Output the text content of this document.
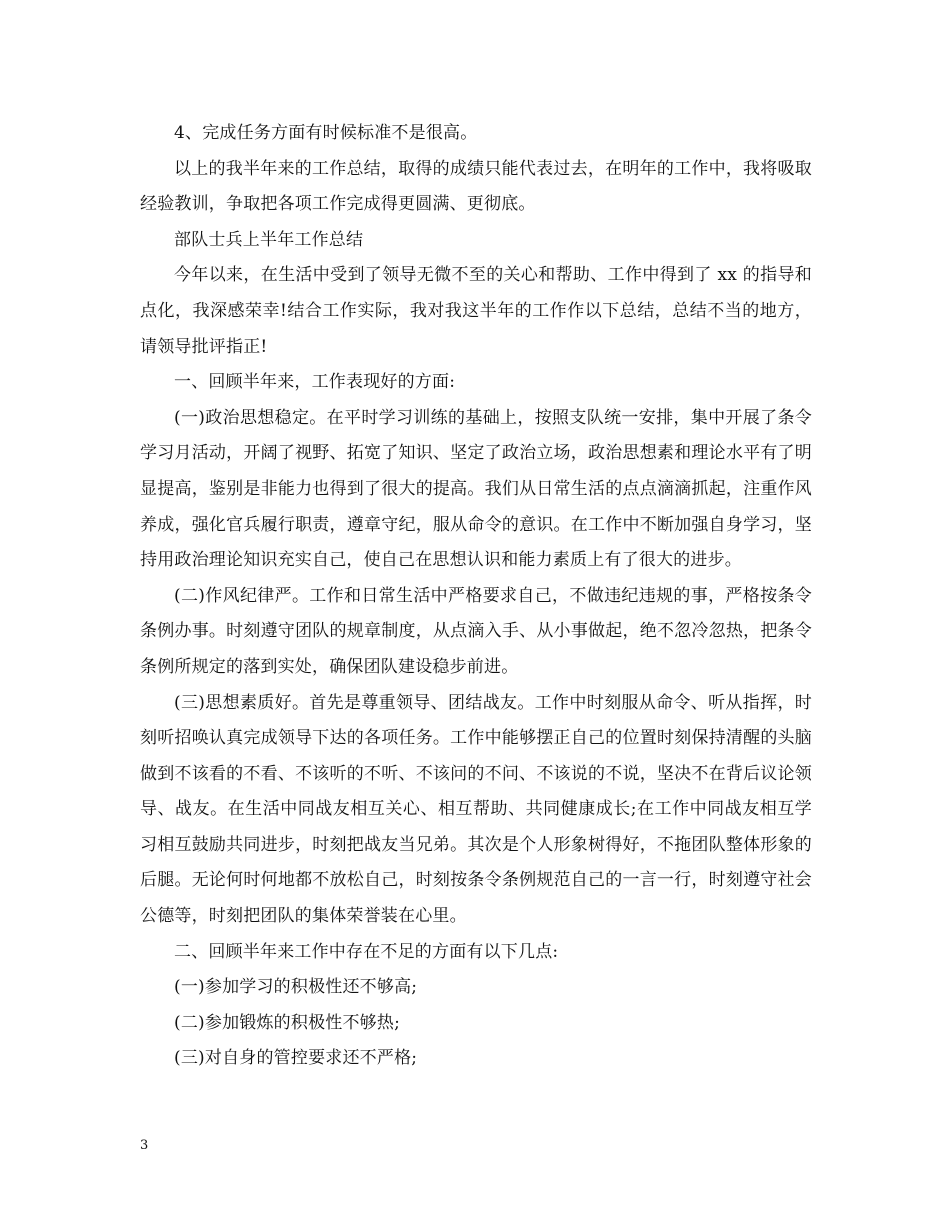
4、完成任务方面有时候标准不是很高。

以上的我半年来的工作总结，取得的成绩只能代表过去，在明年的工作中，我将吸取经验教训，争取把各项工作完成得更圆满、更彻底。

部队士兵上半年工作总结

今年以来，在生活中受到了领导无微不至的关心和帮助、工作中得到了 xx 的指导和点化，我深感荣幸!结合工作实际，我对我这半年的工作作以下总结，总结不当的地方，请领导批评指正!

一、回顾半年来，工作表现好的方面:

(一)政治思想稳定。在平时学习训练的基础上，按照支队统一安排，集中开展了条令学习月活动，开阔了视野、拓宽了知识、坚定了政治立场，政治思想素和理论水平有了明显提高，鉴别是非能力也得到了很大的提高。我们从日常生活的点点滴滴抓起，注重作风养成，强化官兵履行职责，遵章守纪，服从命令的意识。在工作中不断加强自身学习，坚持用政治理论知识充实自己，使自己在思想认识和能力素质上有了很大的进步。

(二)作风纪律严。工作和日常生活中严格要求自己，不做违纪违规的事，严格按条令条例办事。时刻遵守团队的规章制度，从点滴入手、从小事做起，绝不忽冷忽热，把条令条例所规定的落到实处，确保团队建设稳步前进。

(三)思想素质好。首先是尊重领导、团结战友。工作中时刻服从命令、听从指挥，时刻听招唤认真完成领导下达的各项任务。工作中能够摆正自己的位置时刻保持清醒的头脑做到不该看的不看、不该听的不听、不该问的不问、不该说的不说，坚决不在背后议论领导、战友。在生活中同战友相互关心、相互帮助、共同健康成长;在工作中同战友相互学习相互鼓励共同进步，时刻把战友当兄弟。其次是个人形象树得好，不拖团队整体形象的后腿。无论何时何地都不放松自己，时刻按条令条例规范自己的一言一行，时刻遵守社会公德等，时刻把团队的集体荣誉装在心里。

二、回顾半年来工作中存在不足的方面有以下几点:

(一)参加学习的积极性还不够高;

(二)参加锻炼的积极性不够热;

(三)对自身的管控要求还不严格;

3
